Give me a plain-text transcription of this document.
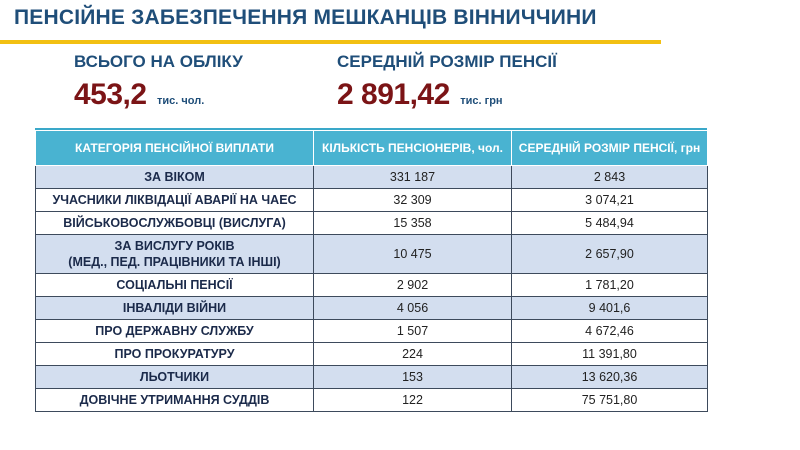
ПЕНСІЙНЕ ЗАБЕЗПЕЧЕННЯ МЕШКАНЦІВ ВІННИЧЧИНИ
ВСЬОГО НА ОБЛІКУ
453,2 тис. чол.
СЕРЕДНІЙ РОЗМІР ПЕНСІЇ
2 891,42 тис. грн
КАТЕГОРІЯ ПЕНСІЙНОЇ ВИПЛАТИ	КІЛЬКІСТЬ ПЕНСІОНЕРІВ, чол.	СЕРЕДНІЙ РОЗМІР ПЕНСІЇ, грн
ЗА ВІКОМ	331 187	2 843
УЧАСНИКИ ЛІКВІДАЦІЇ АВАРІЇ НА ЧАЕС	32 309	3 074,21
ВІЙСЬКОВОСЛУЖБОВЦІ (ВИСЛУГА)	15 358	5 484,94

ЗА ВИСЛУГУ РОКІВ
(МЕД., ПЕД. ПРАЦІВНИКИ ТА ІНШІ)	10 475	2 657,90
СОЦІАЛЬНІ ПЕНСІЇ	2 902	1 781,20
ІНВАЛІДИ ВІЙНИ	4 056	9 401,6
ПРО ДЕРЖАВНУ СЛУЖБУ	1 507	4 672,46
ПРО ПРОКУРАТУРУ	224	11 391,80
ЛЬОТЧИКИ	153	13 620,36
ДОВІЧНЕ УТРИМАННЯ СУДДІВ	122	75 751,80
